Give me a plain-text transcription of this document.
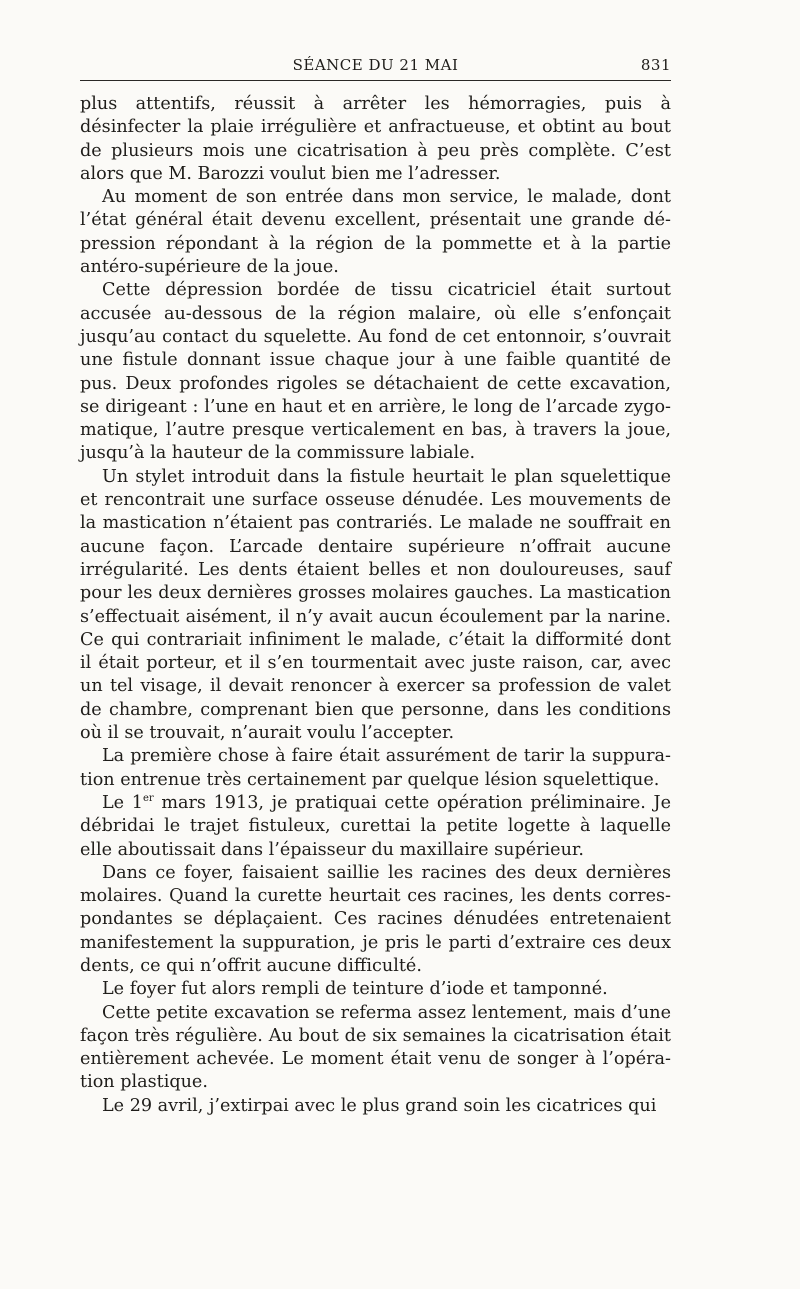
SÉANCE DU 21 MAI	831

plus attentifs, réussit à arrêter les hémorragies, puis à désinfecter la plaie irrégulière et anfractueuse, et obtint au bout de plusieurs mois une cicatrisation à peu près complète. C’est alors que M. Barozzi voulut bien me l’adresser.

Au moment de son entrée dans mon service, le malade, dont l’état général était devenu excellent, présentait une grande dépression répondant à la région de la pommette et à la partie antéro-supérieure de la joue.

Cette dépression bordée de tissu cicatriciel était surtout accusée au-dessous de la région malaire, où elle s’enfonçait jusqu’au contact du squelette. Au fond de cet entonnoir, s’ouvrait une fistule donnant issue chaque jour à une faible quantité de pus. Deux profondes rigoles se détachaient de cette excavation, se dirigeant : l’une en haut et en arrière, le long de l’arcade zygomatique, l’autre presque verticalement en bas, à travers la joue, jusqu’à la hauteur de la commissure labiale.

Un stylet introduit dans la fistule heurtait le plan squelettique et rencontrait une surface osseuse dénudée. Les mouvements de la mastication n’étaient pas contrariés. Le malade ne souffrait en aucune façon. L’arcade dentaire supérieure n’offrait aucune irrégularité. Les dents étaient belles et non douloureuses, sauf pour les deux dernières grosses molaires gauches. La mastication s’effectuait aisément, il n’y avait aucun écoulement par la narine. Ce qui contrariait infiniment le malade, c’était la difformité dont il était porteur, et il s’en tourmentait avec juste raison, car, avec un tel visage, il devait renoncer à exercer sa profession de valet de chambre, comprenant bien que personne, dans les conditions où il se trouvait, n’aurait voulu l’accepter.

La première chose à faire était assurément de tarir la suppuration entrenue très certainement par quelque lésion squelettique.

Le 1er mars 1913, je pratiquai cette opération préliminaire. Je débridai le trajet fistuleux, curettai la petite logette à laquelle elle aboutissait dans l’épaisseur du maxillaire supérieur.

Dans ce foyer, faisaient saillie les racines des deux dernières molaires. Quand la curette heurtait ces racines, les dents correspondantes se déplaçaient. Ces racines dénudées entretenaient manifestement la suppuration, je pris le parti d’extraire ces deux dents, ce qui n’offrit aucune difficulté.

Le foyer fut alors rempli de teinture d’iode et tamponné.

Cette petite excavation se referma assez lentement, mais d’une façon très régulière. Au bout de six semaines la cicatrisation était entièrement achevée. Le moment était venu de songer à l’opération plastique.

Le 29 avril, j’extirpai avec le plus grand soin les cicatrices qui
